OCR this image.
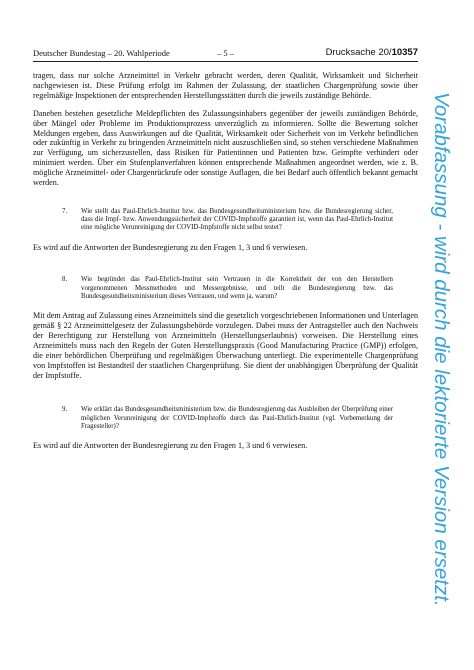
Deutscher Bundestag – 20. Wahlperiode	– 5 –	Drucksache 20/10357

tragen, dass nur solche Arzneimittel in Verkehr gebracht werden, deren Qualität, Wirksamkeit und Sicherheit nachgewiesen ist. Diese Prüfung erfolgt im Rahmen der Zulassung, der staatlichen Chargenprüfung sowie über regelmäßige Inspektionen der entsprechenden Herstellungsstätten durch die jeweils zuständige Behörde.

Daneben bestehen gesetzliche Meldepflichten des Zulassungsinhabers gegenüber der jeweils zuständigen Behörde, über Mängel oder Probleme im Produktionsprozess unverzüglich zu informieren. Sollte die Bewertung solcher Meldungen ergeben, dass Auswirkungen auf die Qualität, Wirksamkeit oder Sicherheit von im Verkehr befindlichen oder zukünftig in Verkehr zu bringenden Arzneimitteln nicht auszuschließen sind, so stehen verschiedene Maßnahmen zur Verfügung, um sicherzustellen, dass Risiken für Patientinnen und Patienten bzw. Geimpfte verhindert oder minimiert werden. Über ein Stufenplanverfahren können entsprechende Maßnahmen angeordnet werden, wie z. B. mögliche Arzneimittel- oder Chargenrückrufe oder sonstige Auflagen, die bei Bedarf auch öffentlich bekannt gemacht werden.

7. Wie stellt das Paul-Ehrlich-Institut bzw. das Bundesgesundheitsministerium bzw. die Bundesregierung sicher, dass die Impf- bzw. Anwendungssicherheit der COVID-Impfstoffe garantiert ist, wenn das Paul-Ehrlich-Institut eine mögliche Verunreinigung der COVID-Impfstoffe nicht selbst testet?

Es wird auf die Antworten der Bundesregierung zu den Fragen 1, 3 und 6 verwiesen.

8. Wie begründet das Paul-Ehrlich-Institut sein Vertrauen in die Korrektheit der von den Herstellern vorgenommenen Messmethoden und Messergebnisse, und teilt die Bundesregierung bzw. das Bundesgesundheitsministerium dieses Vertrauen, und wenn ja, warum?

Mit dem Antrag auf Zulassung eines Arzneimittels sind die gesetzlich vorgeschriebenen Informationen und Unterlagen gemäß § 22 Arzneimittelgesetz der Zulassungsbehörde vorzulegen. Dabei muss der Antragsteller auch den Nachweis der Berechtigung zur Herstellung von Arzneimitteln (Herstellungserlaubnis) vorweisen. Die Herstellung eines Arzneimittels muss nach den Regeln der Guten Herstellungspraxis (Good Manufacturing Practice (GMP)) erfolgen, die einer behördlichen Überprüfung und regelmäßigen Überwachung unterliegt. Die experimentelle Chargenprüfung von Impfstoffen ist Bestandteil der staatlichen Chargenprüfung. Sie dient der unabhängigen Überprüfung der Qualität der Impfstoffe.

9. Wie erklärt das Bundesgesundheitsministerium bzw. die Bundesregierung das Ausbleiben der Überprüfung einer möglichen Verunreinigung der COVID-Impfstoffe durch das Paul-Ehrlich-Institut (vgl. Vorbemerkung der Fragesteller)?

Es wird auf die Antworten der Bundesregierung zu den Fragen 1, 3 und 6 verwiesen.	Vorabfassung - wird durch die lektorierte Version ersetzt.
